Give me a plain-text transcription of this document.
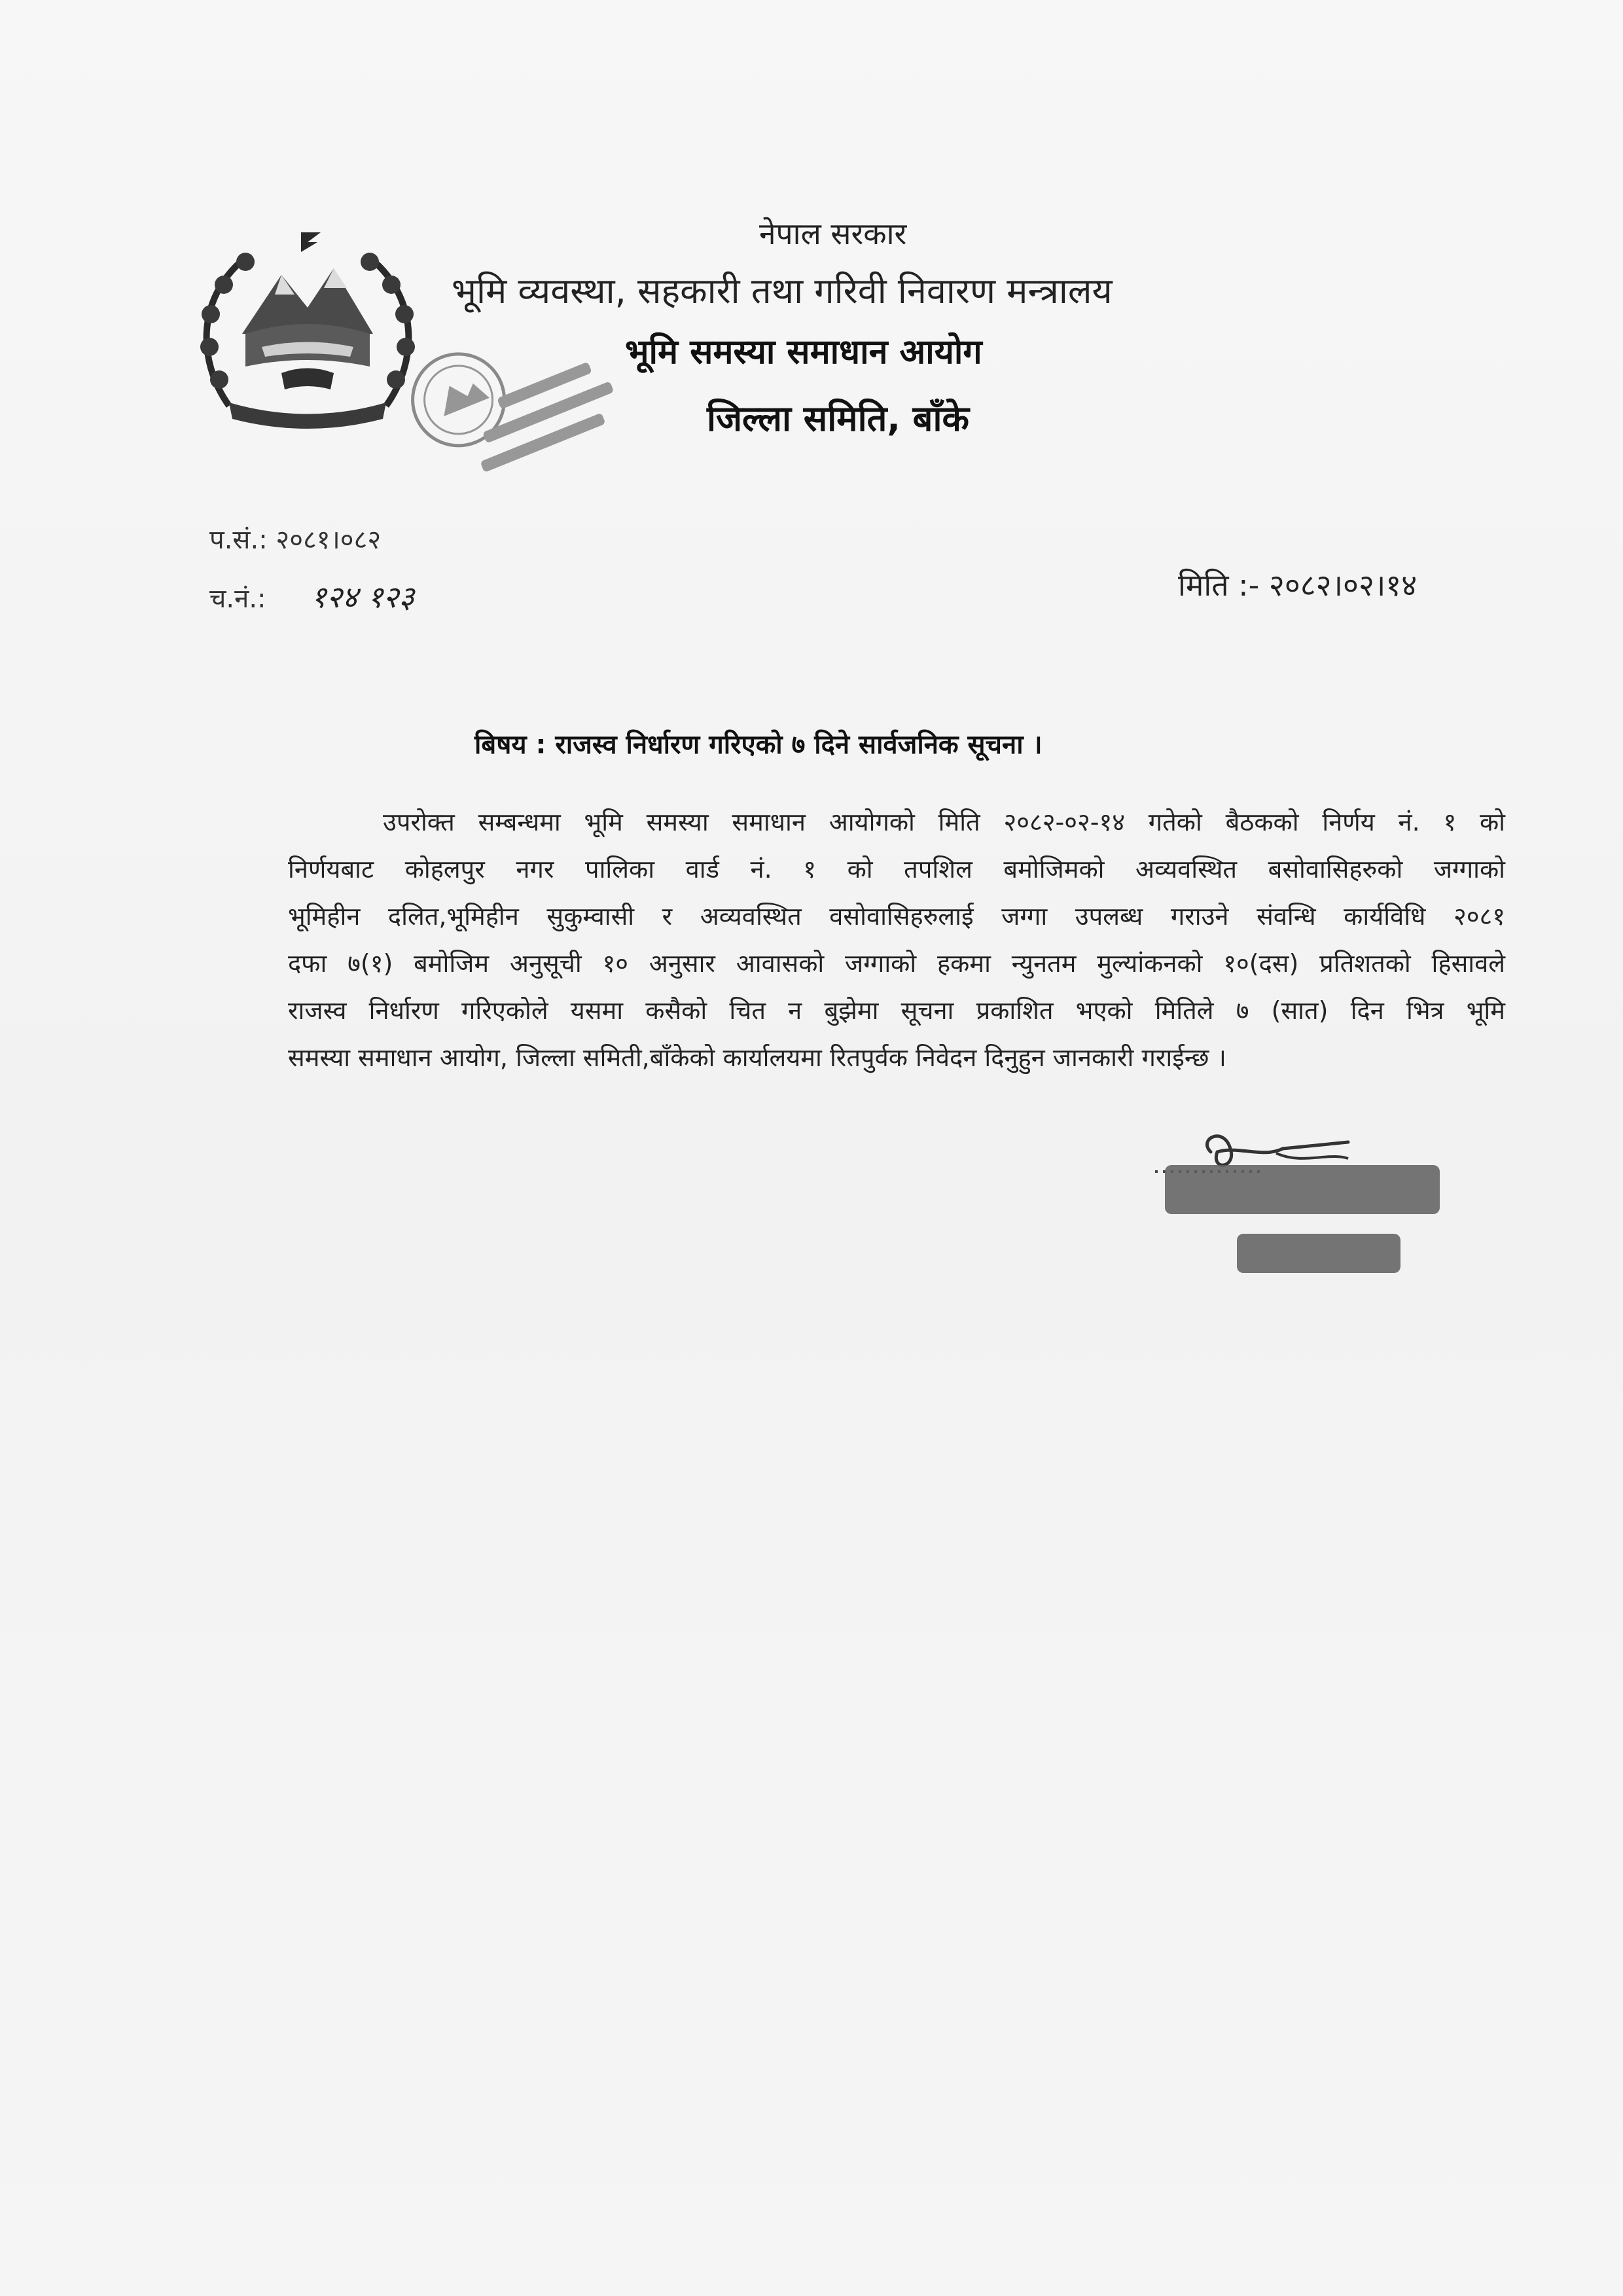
नेपाल सरकार
भूमि व्यवस्था, सहकारी तथा गरिवी निवारण मन्त्रालय
भूमि समस्या समाधान आयोग
जिल्ला समिति, बाँके
प.सं.: २०८१।०८२
च.नं.: १२४ १२३	मिति :- २०८२।०२।१४
बिषय : राजस्व निर्धारण गरिएको ७ दिने सार्वजनिक सूचना ।
उपरोक्त सम्बन्धमा भूमि समस्या समाधान आयोगको मिति २०८२-०२-१४ गतेको बैठकको निर्णय नं. १ को
निर्णयबाट कोहलपुर नगर पालिका वार्ड नं. १ को तपशिल बमोजिमको अव्यवस्थित बसोवासिहरुको जग्गाको
भूमिहीन दलित,भूमिहीन सुकुम्वासी र अव्यवस्थित वसोवासिहरुलाई जग्गा उपलब्ध गराउने संवन्धि कार्यविधि २०८१
दफा ७(१) बमोजिम अनुसूची १० अनुसार आवासको जग्गाको हकमा न्युनतम मुल्यांकनको १०(दस) प्रतिशतको हिसावले
राजस्व निर्धारण गरिएकोले यसमा कसैको चित न बुझेमा सूचना प्रकाशित भएको मितिले ७ (सात) दिन भित्र भूमि
समस्या समाधान आयोग, जिल्ला समिती,बाँकेको कार्यालयमा रितपुर्वक निवेदन दिनुहुन जानकारी गराईन्छ ।
